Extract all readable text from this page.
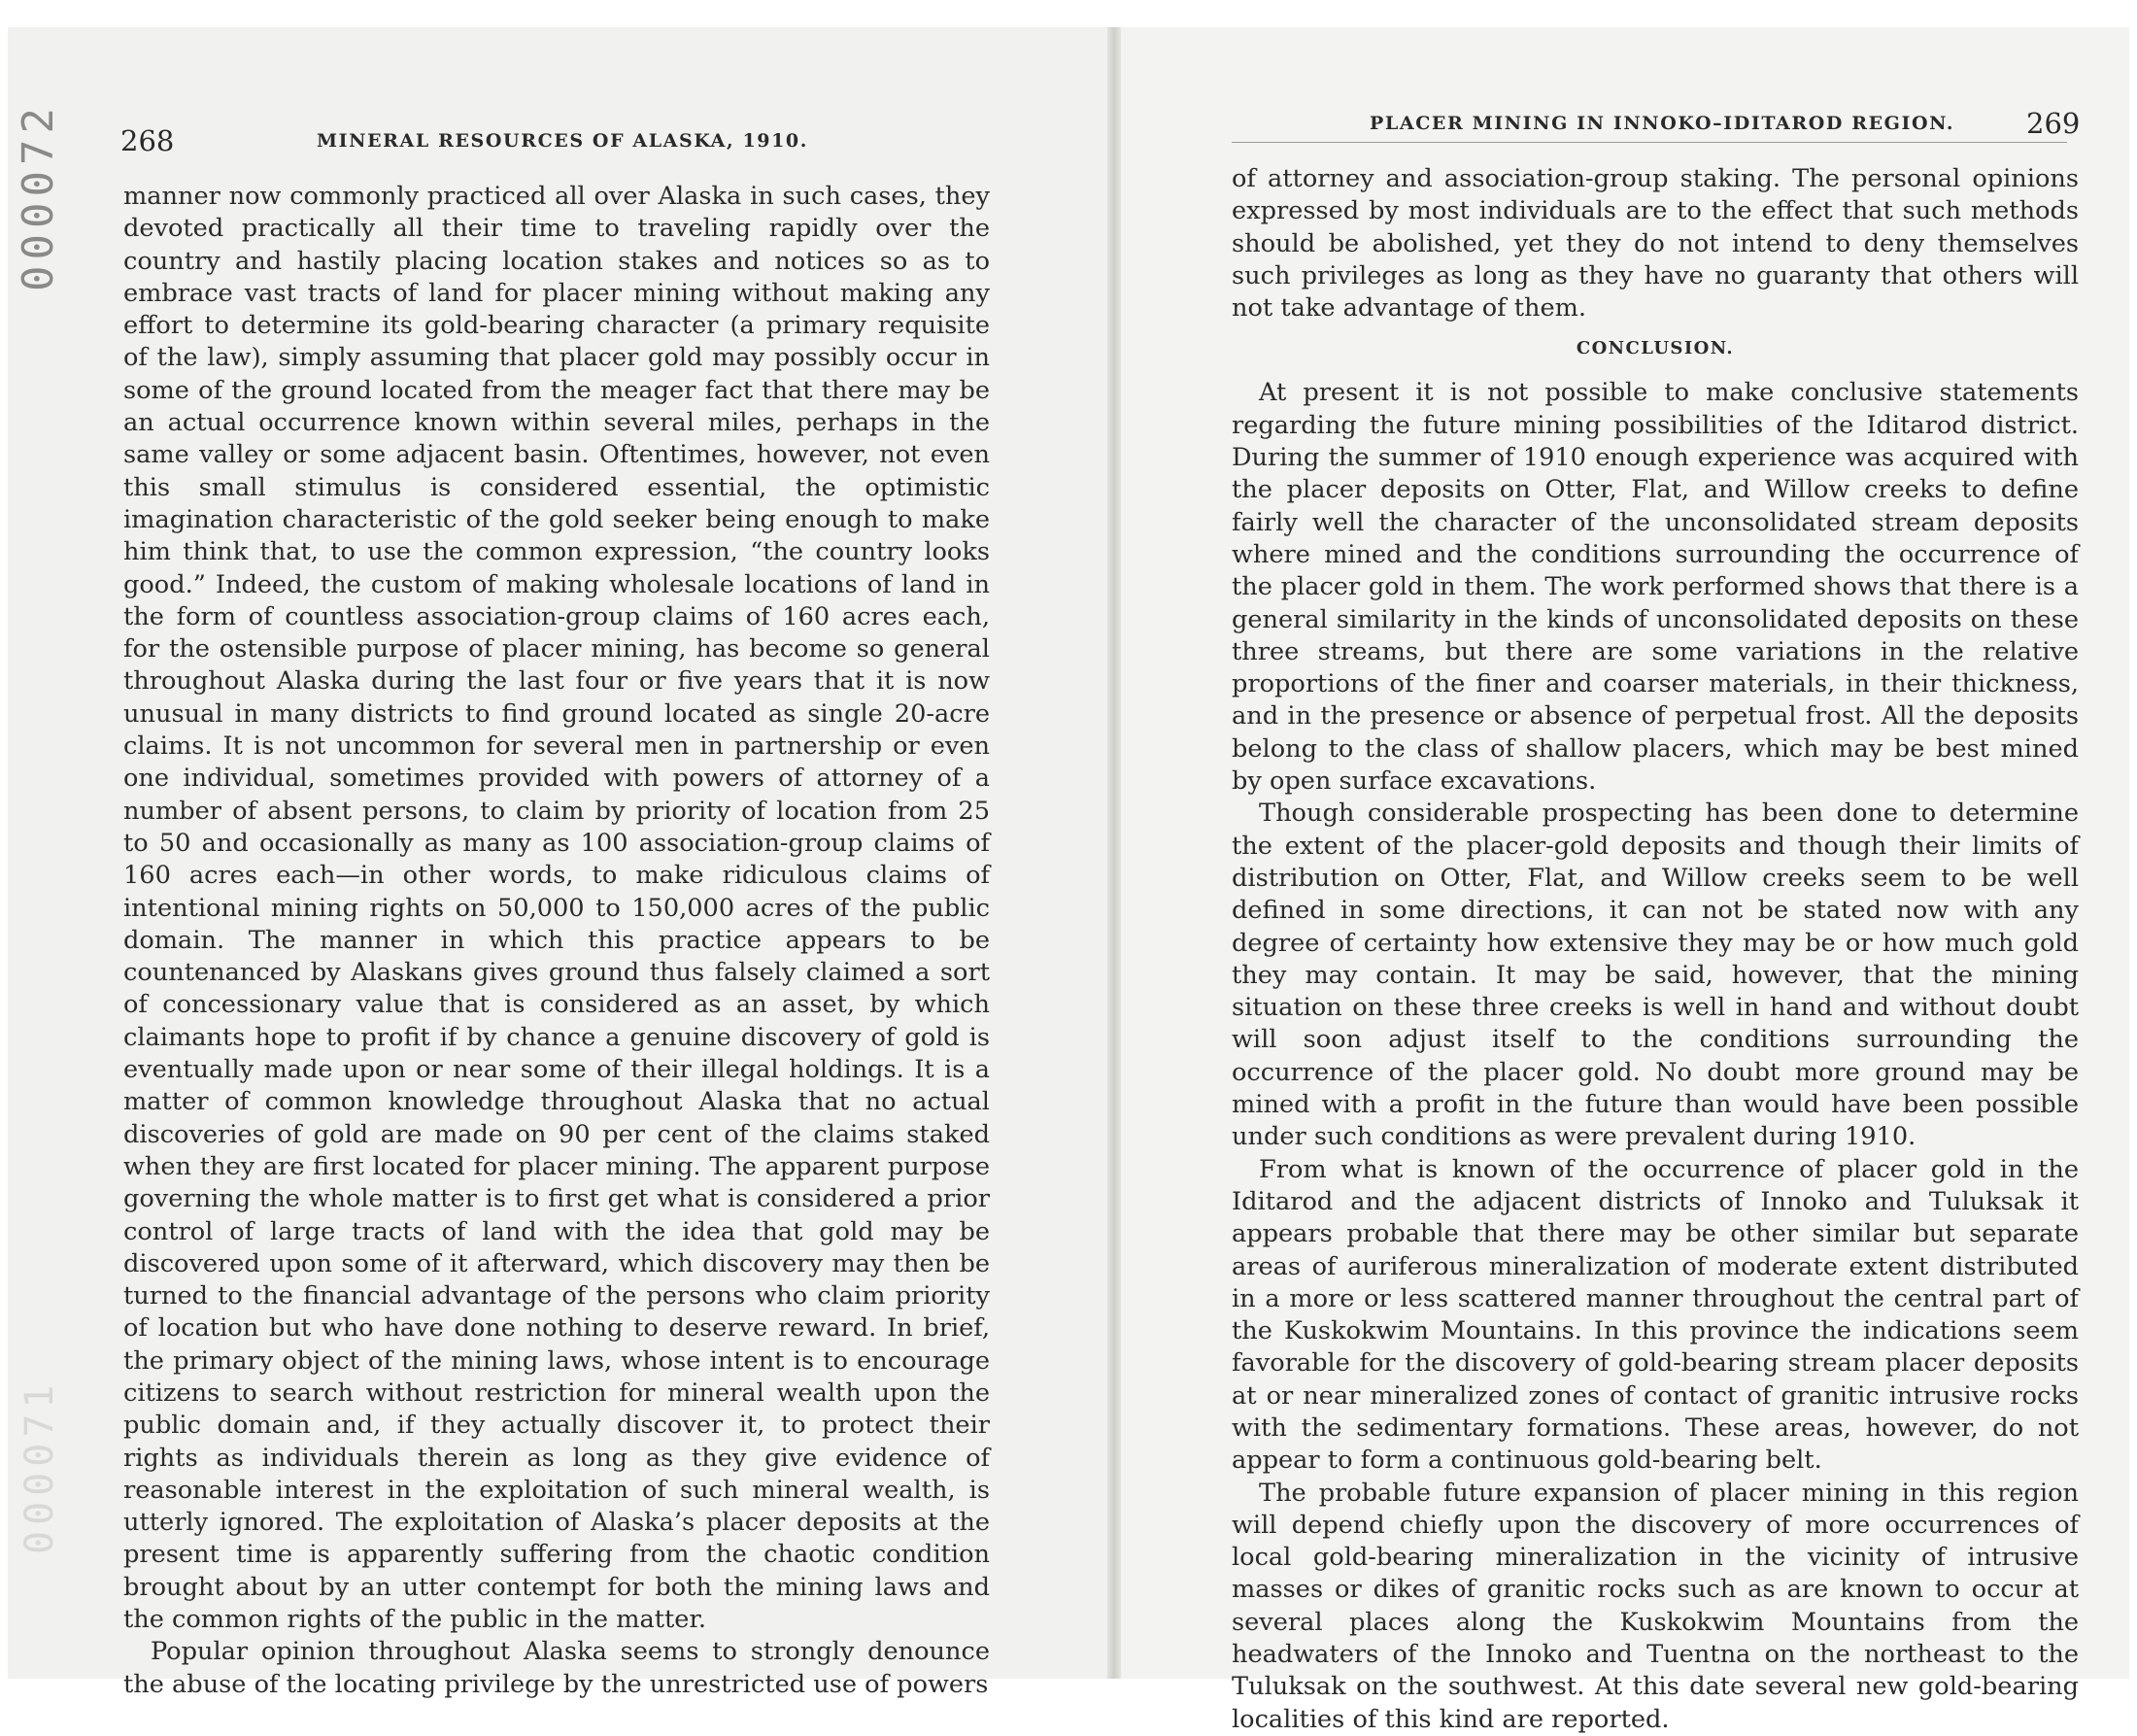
000072
000071
268	MINERAL RESOURCES OF ALASKA, 1910.

manner now commonly practiced all over Alaska in such cases, they devoted practically all their time to traveling rapidly over the country and hastily placing location stakes and notices so as to embrace vast tracts of land for placer mining without making any effort to determine its gold-bearing character (a primary requisite of the law), simply assuming that placer gold may possibly occur in some of the ground located from the meager fact that there may be an actual occurrence known within several miles, perhaps in the same valley or some adjacent basin. Oftentimes, however, not even this small stimulus is considered essential, the optimistic imagination characteristic of the gold seeker being enough to make him think that, to use the common expression, “the country looks good.” Indeed, the custom of making wholesale locations of land in the form of countless association-group claims of 160 acres each, for the ostensible purpose of placer mining, has become so general throughout Alaska during the last four or five years that it is now unusual in many districts to find ground located as single 20-acre claims. It is not uncommon for several men in partnership or even one individual, sometimes provided with powers of attorney of a number of absent persons, to claim by priority of location from 25 to 50 and occasionally as many as 100 association-group claims of 160 acres each—in other words, to make ridiculous claims of intentional mining rights on 50,000 to 150,000 acres of the public domain. The manner in which this practice appears to be countenanced by Alaskans gives ground thus falsely claimed a sort of concessionary value that is considered as an asset, by which claimants hope to profit if by chance a genuine discovery of gold is eventually made upon or near some of their illegal holdings. It is a matter of common knowledge throughout Alaska that no actual discoveries of gold are made on 90 per cent of the claims staked when they are first located for placer mining. The apparent purpose governing the whole matter is to first get what is considered a prior control of large tracts of land with the idea that gold may be discovered upon some of it afterward, which discovery may then be turned to the financial advantage of the persons who claim priority of location but who have done nothing to deserve reward. In brief, the primary object of the mining laws, whose intent is to encourage citizens to search without restriction for mineral wealth upon the public domain and, if they actually discover it, to protect their rights as individuals therein as long as they give evidence of reasonable interest in the exploitation of such mineral wealth, is utterly ignored. The exploitation of Alaska’s placer deposits at the present time is apparently suffering from the chaotic condition brought about by an utter contempt for both the mining laws and the common rights of the public in the matter.

Popular opinion throughout Alaska seems to strongly denounce the abuse of the locating privilege by the unrestricted use of powers

PLACER MINING IN INNOKO–IDITAROD REGION.	269

of attorney and association-group staking. The personal opinions expressed by most individuals are to the effect that such methods should be abolished, yet they do not intend to deny themselves such privileges as long as they have no guaranty that others will not take advantage of them.

CONCLUSION.

At present it is not possible to make conclusive statements regarding the future mining possibilities of the Iditarod district. During the summer of 1910 enough experience was acquired with the placer deposits on Otter, Flat, and Willow creeks to define fairly well the character of the unconsolidated stream deposits where mined and the conditions surrounding the occurrence of the placer gold in them. The work performed shows that there is a general similarity in the kinds of unconsolidated deposits on these three streams, but there are some variations in the relative proportions of the finer and coarser materials, in their thickness, and in the presence or absence of perpetual frost. All the deposits belong to the class of shallow placers, which may be best mined by open surface excavations.

Though considerable prospecting has been done to determine the extent of the placer-gold deposits and though their limits of distribution on Otter, Flat, and Willow creeks seem to be well defined in some directions, it can not be stated now with any degree of certainty how extensive they may be or how much gold they may contain. It may be said, however, that the mining situation on these three creeks is well in hand and without doubt will soon adjust itself to the conditions surrounding the occurrence of the placer gold. No doubt more ground may be mined with a profit in the future than would have been possible under such conditions as were prevalent during 1910.

From what is known of the occurrence of placer gold in the Iditarod and the adjacent districts of Innoko and Tuluksak it appears probable that there may be other similar but separate areas of auriferous mineralization of moderate extent distributed in a more or less scattered manner throughout the central part of the Kuskokwim Mountains. In this province the indications seem favorable for the discovery of gold-bearing stream placer deposits at or near mineralized zones of contact of granitic intrusive rocks with the sedimentary formations. These areas, however, do not appear to form a continuous gold-bearing belt.

The probable future expansion of placer mining in this region will depend chiefly upon the discovery of more occurrences of local gold-bearing mineralization in the vicinity of intrusive masses or dikes of granitic rocks such as are known to occur at several places along the Kuskokwim Mountains from the headwaters of the Innoko and Tuentna on the northeast to the Tuluksak on the southwest. At this date several new gold-bearing localities of this kind are reported.
